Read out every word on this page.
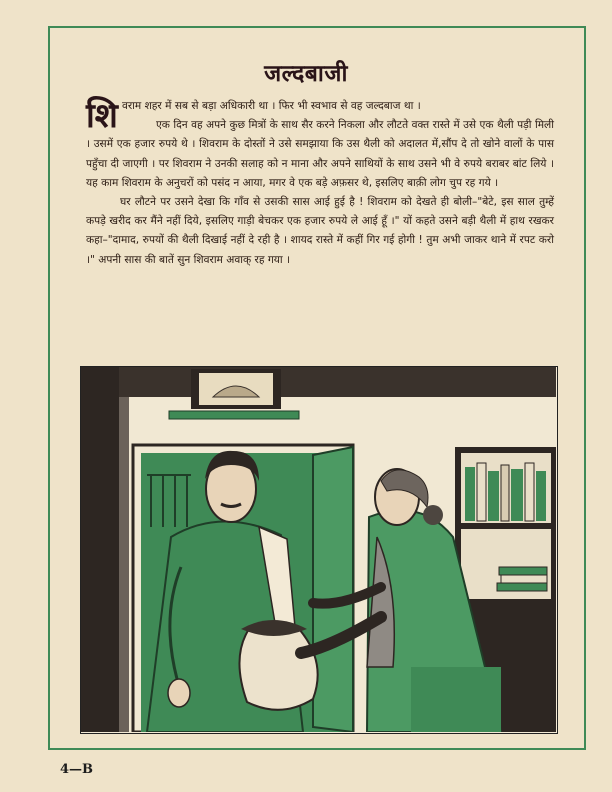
जल्दबाजी

शिवराम शहर में सब से बड़ा अधिकारी था । फिर भी स्वभाव से वह जल्दबाज था ।

एक दिन वह अपने कुछ मित्रों के साथ सैर करने निकला और लौटते वक्त रास्ते में उसे एक थैली पड़ी मिली । उसमें एक हजार रुपये थे । शिवराम के दोस्तों ने उसे समझाया कि उस थैली को अदालत में,सौंप दे तो खोने वालों के पास पहुँचा दी जाएगी । पर शिवराम ने उनकी सलाह को न माना और अपने साथियों के साथ उसने भी वे रुपये बराबर बांट लिये । यह काम शिवराम के अनुचरों को पसंद न आया, मगर वे एक बड़े अफ़सर थे, इसलिए बाक़ी लोग चुप रह गये ।

घर लौटने पर उसने देखा कि गाँव से उसकी सास आई हुई है ! शिवराम को देखते ही बोली–"बेटे, इस साल तुम्हें कपड़े खरीद कर मैंने नहीं दिये, इसलिए गाड़ी बेचकर एक हजार रुपये ले आई हूँ ।" यों कहते उसने बड़ी थैली में हाथ रखकर कहा–"दामाद, रुपयों की थैली दिखाई नहीं दे रही है । शायद रास्ते में कहीं गिर गई होगी ! तुम अभी जाकर थाने में रपट करो ।" अपनी सास की बातें सुन शिवराम अवाक् रह गया ।

4—B
